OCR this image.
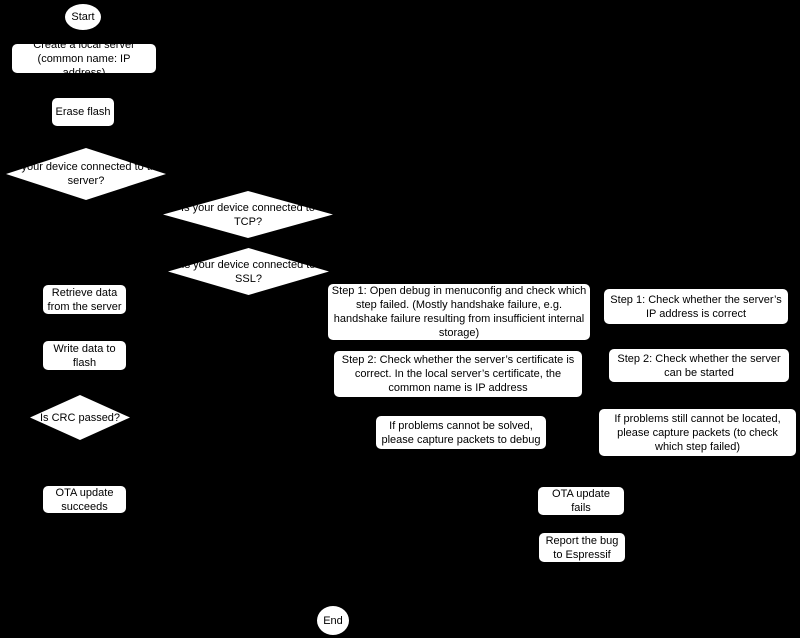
Start
Create a local server (common name: IP address)
Erase flash
Is your device connected to the server?
Is your device connected to TCP?
Is your device connected to SSL?
Retrieve data from the server
Write data to flash
Is CRC passed?
OTA update succeeds
Step 1: Open debug in menuconfig and check which step failed. (Mostly handshake failure, e.g. handshake failure resulting from insufficient internal storage)
Step 2: Check whether the server’s certificate is correct. In the local server’s certificate, the common name is IP address
If problems cannot be solved, please capture packets to debug
Step 1: Check whether the server’s IP address is correct
Step 2: Check whether the server can be started
If problems still cannot be located, please capture packets (to check which step failed)
OTA update fails
Report the bug to Espressif
End
